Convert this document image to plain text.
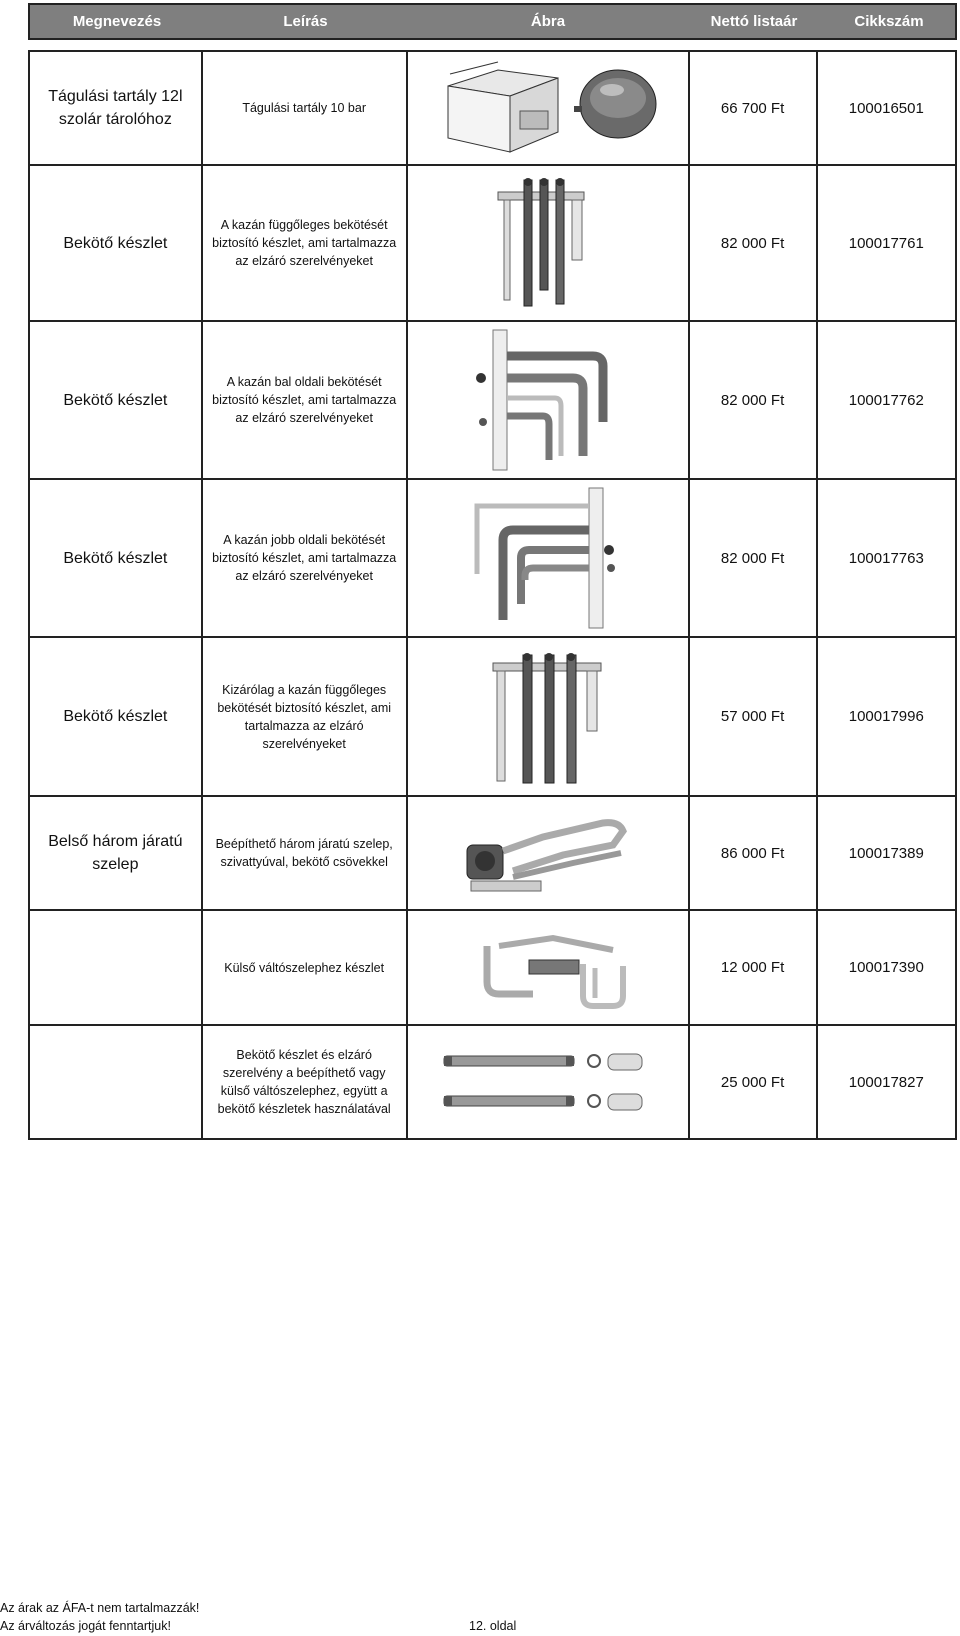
Megnevezés	Leírás	Ábra	Nettó listaár	Cikkszám
Tágulási tartály 12l szolár tárolóhoz	Tágulási tartály 10 bar		66 700 Ft	100016501
Bekötő készlet	A kazán függőleges bekötését biztosító készlet, ami tartalmazza az elzáró szerelvényeket		82 000 Ft	100017761
Bekötő készlet	A kazán bal oldali bekötését biztosító készlet, ami tartalmazza az elzáró szerelvényeket		82 000 Ft	100017762
Bekötő készlet	A kazán jobb oldali bekötését biztosító készlet, ami tartalmazza az elzáró szerelvényeket		82 000 Ft	100017763
Bekötő készlet	Kizárólag a kazán függőleges bekötését biztosító készlet, ami tartalmazza az elzáró szerelvényeket		57 000 Ft	100017996
Belső három járatú szelep	Beépíthető három járatú szelep, szivattyúval, bekötő csövekkel		86 000 Ft	100017389
	Külső váltószelephez készlet		12 000 Ft	100017390
	Bekötő készlet és elzáró szerelvény a beépíthető vagy külső váltószelephez, együtt a bekötő készletek használatával		25 000 Ft	100017827
Az árak az ÁFA-t nem tartalmazzák!
Az árváltozás jogát fenntartjuk!	12. oldal
